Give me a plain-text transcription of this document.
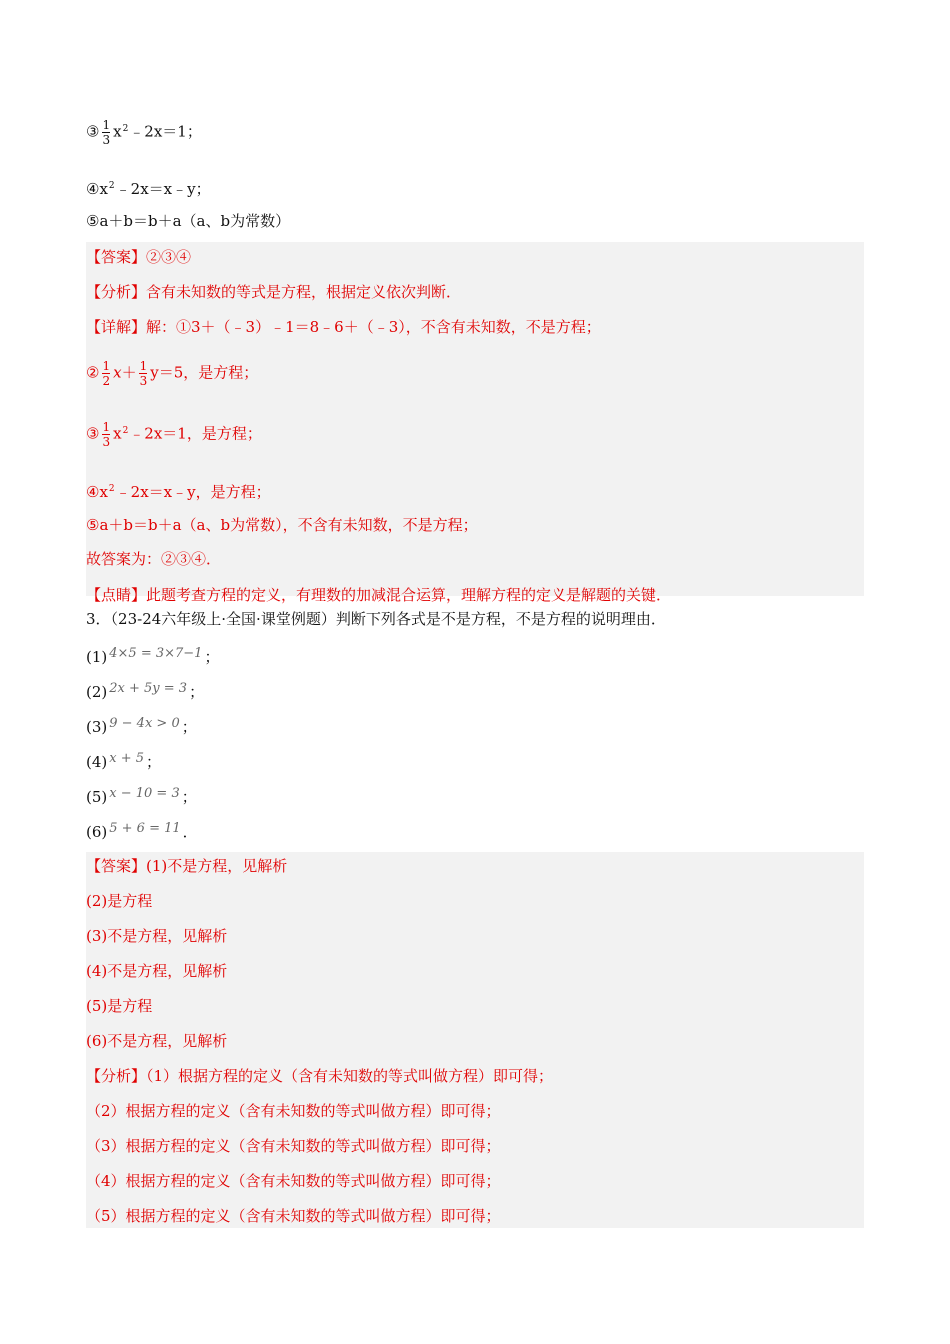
③ $\frac{1}{3}$ $x^2﹣2x=1$；
$④x^2﹣2x=x﹣y$；
⑤a＋b＝b＋a（a、b为常数）
【答案】②③④
【分析】含有未知数的等式是方程，根据定义依次判断．
【详解】解：①3＋（﹣3）﹣1＝8﹣6＋（﹣3），不含有未知数，不是方程；
② $\frac{1}{2} x+ \frac{1}{3} y=5$，是方程；
③ $\frac{1}{3}$ $x^2﹣2x=1$，是方程；
$④x^2﹣2x=x﹣y$，是方程；
⑤a＋b＝b＋a（a、b为常数），不含有未知数，不是方程；
故答案为：②③④．
【点睛】此题考查方程的定义，有理数的加减混合运算，理解方程的定义是解题的关键．
3．（23-24六年级上·全国·课堂例题）判断下列各式是不是方程，不是方程的说明理由．
(1) 4×5 = 3×7−1 ；
(2) 2x + 5y = 3 ；
(3) 9 − 4x > 0 ；
(4) x + 5 ；
(5) x − 10 = 3 ；
(6) 5 + 6 = 11 ．
【答案】(1)不是方程，见解析
(2)是方程
(3)不是方程，见解析
(4)不是方程，见解析
(5)是方程
(6)不是方程，见解析
【分析】（1）根据方程的定义（含有未知数的等式叫做方程）即可得；
（2）根据方程的定义（含有未知数的等式叫做方程）即可得；
（3）根据方程的定义（含有未知数的等式叫做方程）即可得；
（4）根据方程的定义（含有未知数的等式叫做方程）即可得；
（5）根据方程的定义（含有未知数的等式叫做方程）即可得；
